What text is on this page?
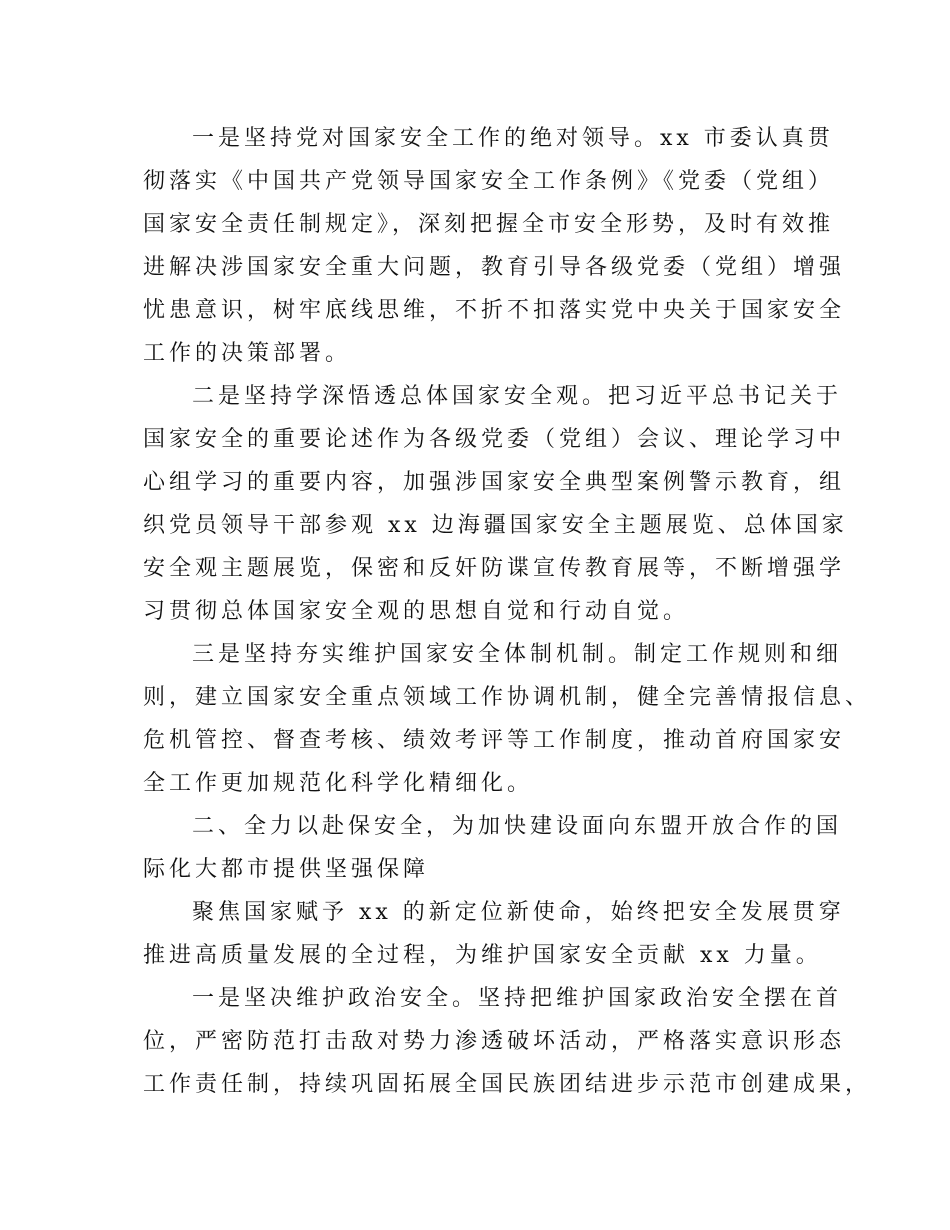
一是坚持党对国家安全工作的绝对领导。xx 市委认真贯
彻落实《中国共产党领导国家安全工作条例》《党委（党组）
国家安全责任制规定》，深刻把握全市安全形势，及时有效推
进解决涉国家安全重大问题，教育引导各级党委（党组）增强
忧患意识，树牢底线思维，不折不扣落实党中央关于国家安全
工作的决策部署。
二是坚持学深悟透总体国家安全观。把习近平总书记关于
国家安全的重要论述作为各级党委（党组）会议、理论学习中
心组学习的重要内容，加强涉国家安全典型案例警示教育，组
织党员领导干部参观 xx 边海疆国家安全主题展览、总体国家
安全观主题展览，保密和反奸防谍宣传教育展等，不断增强学
习贯彻总体国家安全观的思想自觉和行动自觉。
三是坚持夯实维护国家安全体制机制。制定工作规则和细
则，建立国家安全重点领域工作协调机制，健全完善情报信息、
危机管控、督查考核、绩效考评等工作制度，推动首府国家安
全工作更加规范化科学化精细化。
二、全力以赴保安全，为加快建设面向东盟开放合作的国
际化大都市提供坚强保障
聚焦国家赋予 xx 的新定位新使命，始终把安全发展贯穿
推进高质量发展的全过程，为维护国家安全贡献 xx 力量。
一是坚决维护政治安全。坚持把维护国家政治安全摆在首
位，严密防范打击敌对势力渗透破坏活动，严格落实意识形态
工作责任制，持续巩固拓展全国民族团结进步示范市创建成果，
